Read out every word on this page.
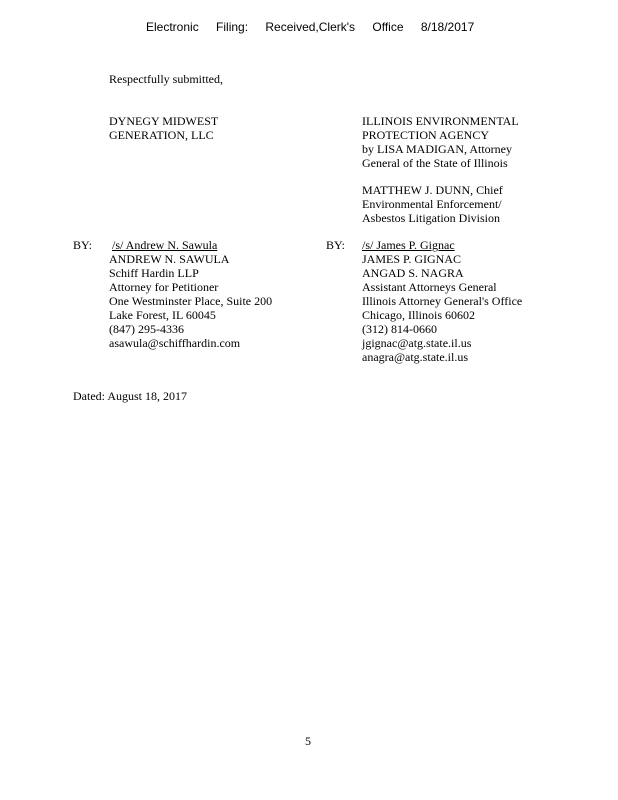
Electronic Filing: Received,Clerk's Office 8/18/2017
Respectfully submitted,
DYNEGY MIDWEST
GENERATION, LLC
ILLINOIS ENVIRONMENTAL
PROTECTION AGENCY
by LISA MADIGAN, Attorney
General of the State of Illinois
MATTHEW J. DUNN, Chief
Environmental Enforcement/
Asbestos Litigation Division
BY:	BY:
/s/ Andrew N. Sawula
ANDREW N. SAWULA
Schiff Hardin LLP
Attorney for Petitioner
One Westminster Place, Suite 200
Lake Forest, IL 60045
(847) 295-4336
asawula@schiffhardin.com
/s/ James P. Gignac
JAMES P. GIGNAC
ANGAD S. NAGRA
Assistant Attorneys General
Illinois Attorney General's Office
Chicago, Illinois 60602
(312) 814-0660
jgignac@atg.state.il.us
anagra@atg.state.il.us
Dated: August 18, 2017
5
